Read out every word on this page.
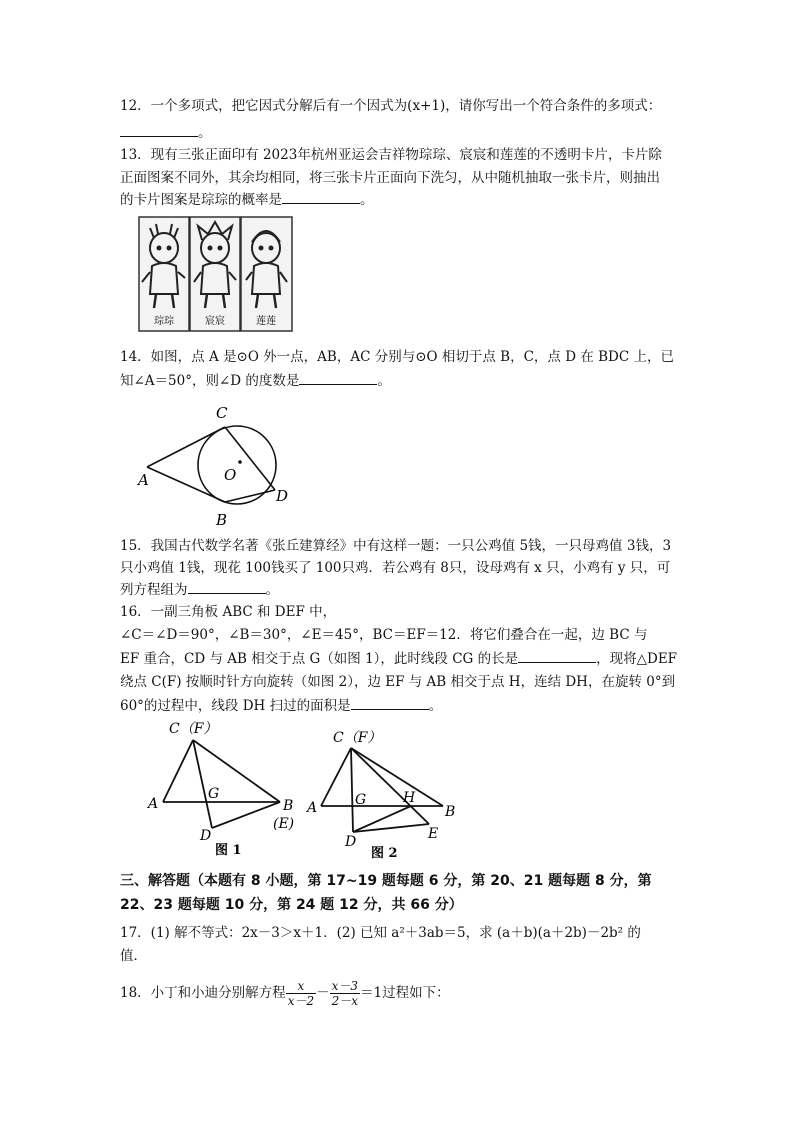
12．一个多项式，把它因式分解后有一个因式为(x+1)，请你写出一个符合条件的多项式：
。
13．现有三张正面印有 2023年杭州亚运会吉祥物琮琮、宸宸和莲莲的不透明卡片，卡片除
正面图案不同外，其余均相同，将三张卡片正面向下洗匀，从中随机抽取一张卡片，则抽出
的卡片图案是琮琮的概率是	。
琮琮	宸宸	莲莲
14．如图，点 A 是⊙O 外一点，AB，AC 分别与⊙O 相切于点 B，C，点 D 在 BDC 上，已
知∠A＝50°，则∠D 的度数是	。
A
C
O
D
B
15．我国古代数学名著《张丘建算经》中有这样一题：一只公鸡值 5钱，一只母鸡值 3钱，3
只小鸡值 1钱，现花 100钱买了 100只鸡．若公鸡有 8只，设母鸡有 x 只，小鸡有 y 只，可
列方程组为	。
16．一副三角板 ABC 和 DEF 中，
∠C＝∠D＝90°，∠B＝30°，∠E＝45°，BC＝EF＝12．将它们叠合在一起，边 BC 与
EF 重合，CD 与 AB 相交于点 G（如图 1），此时线段 CG 的长是	，现将△DEF
绕点 C(F) 按顺时针方向旋转（如图 2），边 EF 与 AB 相交于点 H，连结 DH，在旋转 0°到
60°的过程中，线段 DH 扫过的面积是	。
C（F）
A
G
B
(E)
D
图 1
C（F）
A	G	H
B
D	E
图 2
三、解答题（本题有 8 小题，第 17~19 题每题 6 分，第 20、21 题每题 8 分，第
22、23 题每题 10 分，第 24 题 12 分，共 66 分）
17．(1) 解不等式：2x－3＞x＋1．(2) 已知 a²＋3ab＝5，求 (a＋b)(a＋2b)－2b² 的
值．
18．小丁和小迪分别解方程 $\frac{x}{x-2} - \frac{x-3}{2-x} =1$过程如下：
